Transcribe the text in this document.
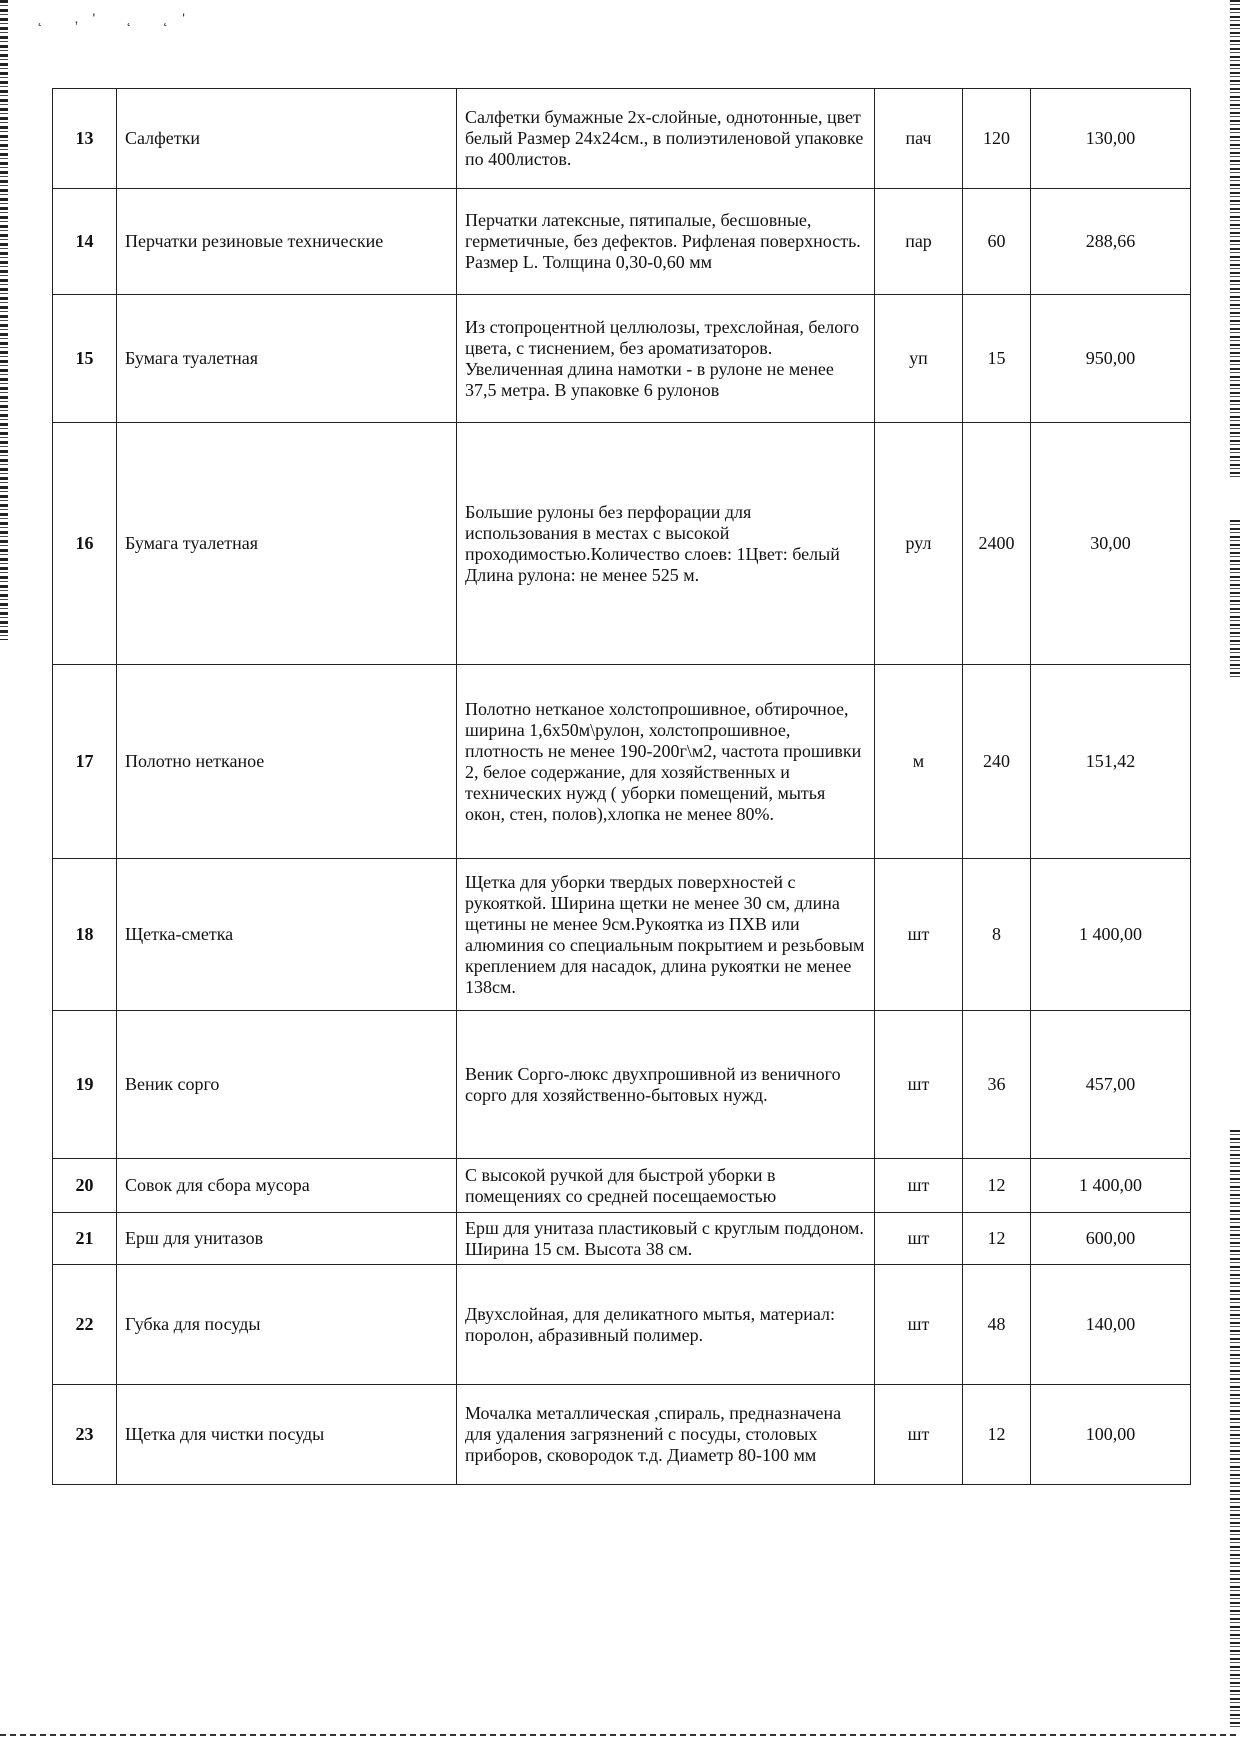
˛ ,' ˛ ˛'
13	Салфетки	Салфетки бумажные 2х-слойные, однотонные, цвет белый Размер 24х24см., в полиэтиленовой упаковке по 400листов.	пач	120	130,00
14	Перчатки резиновые технические	Перчатки латексные, пятипалые, бесшовные, герметичные, без дефектов. Рифленая поверхность. Размер L. Толщина 0,30-0,60 мм	пар	60	288,66
15	Бумага туалетная	Из стопроцентной целлюлозы, трехслойная, белого цвета, с тиснением, без ароматизаторов. Увеличенная длина намотки - в рулоне не менее 37,5 метра. В упаковке 6 рулонов	уп	15	950,00
16	Бумага туалетная	Большие рулоны без перфорации для использования в местах с высокой проходимостью.Количество слоев: 1Цвет: белый Длина рулона: не менее 525 м.	рул	2400	30,00
17	Полотно нетканое	Полотно нетканое холстопрошивное, обтирочное, ширина 1,6х50м\рулон, холстопрошивное, плотность не менее 190-200г\м2, частота прошивки 2, белое содержание, для хозяйственных и технических нужд ( уборки помещений, мытья окон, стен, полов),хлопка не менее 80%.	м	240	151,42
18	Щетка-сметка	Щетка для уборки твердых поверхностей с рукояткой. Ширина щетки не менее 30 см, длина щетины не менее 9см.Рукоятка из ПХВ или алюминия со специальным покрытием и резьбовым креплением для насадок, длина рукоятки не менее 138см.	шт	8	1 400,00
19	Веник сорго	Веник Сорго-люкс двухпрошивной из веничного сорго для хозяйственно-бытовых нужд.	шт	36	457,00
20	Совок для сбора мусора	С высокой ручкой для быстрой уборки в помещениях со средней посещаемостью	шт	12	1 400,00
21	Ерш для унитазов	Ерш для унитаза пластиковый с круглым поддоном. Ширина 15 см. Высота 38 см.	шт	12	600,00
22	Губка для посуды	Двухслойная, для деликатного мытья, материал: поролон, абразивный полимер.	шт	48	140,00
23	Щетка для чистки посуды	Мочалка металлическая ,спираль, предназначена для удаления загрязнений с посуды, столовых приборов, сковородок т.д. Диаметр 80-100 мм	шт	12	100,00
